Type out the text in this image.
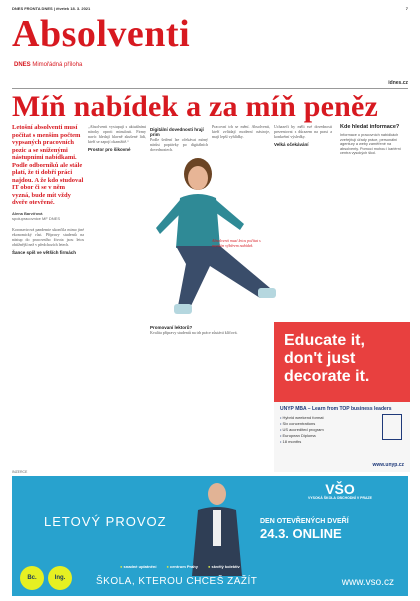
DNES FRONTA DNES | čtvrtek 18. 3. 2021	7
Absolventi
DNES Mimořádná příloha
idnes.cz
Míň nabídek a za míň peněz

Letošní absolventi musí počítat s menším počtem vypsaných pracovních pozic a se sníženými nástupními nabídkami. Podle odborníků ale stále platí, že ti dobří práci najdou. A že kdo studoval IT obor či se v něm vyzná, bude mít vždy dveře otevřené.

Alena Barvířová
spolupracovnice MF DNES

Koronavirová pandemie ukončila mimo jiné ekonomický růst. Přípravy studentů na nástup do pracovního života jsou letos obtížnější než v předchozích letech.

Šance spíš ve větších firmách

„Absolventi vystupují s aktuálními nároky oproti minulosti. Firmy navíc hledají hlavně zkušené lidi, kteří se zapojí okamžitě.“

Prostor pro šikovné
Digitální dovednosti hrají prim

Podle šetření lze očekávat mírný nárůst poptávky po digitálních dovednostech.

Pracovní trh se mění. Absolventi, kteří zvládají moderní nástroje, mají lepší vyhlídky.

Uchazeči by měli své dovednosti prezentovat s důrazem na praxi a konkrétní výsledky.

Velká očekávání

Absolventi musí letos počítat s menším výběrem nabídek.

Kde hledat informace?

Informace o pracovních nabídkách zveřejňují úřady práce, personální agentury a weby zaměřené na absolventy. Pomoci mohou i kariérní centra vysokých škol.

Promovaní lektorů?

Kvalita přípravy studentů na trh práce zůstává klíčová.	Educate it,
don't just
decorate it.
UNYP MBA – Learn from TOP business leaders
• Hybrid weekend format
• Six concentrations
• US accredited program
• European Diploma
• 18 months
www.unyp.cz
INZERCE
VŠO
VYSOKÁ ŠKOLA OBCHODNÍ V PRAZE
LETOVÝ PROVOZ	DEN OTEVŘENÝCH DVEŘÍ
24.3. ONLINE
● snadné uplatnění	● centrum Prahy	● skvělý kolektiv
Bc.	Ing.	ŠKOLA, KTEROU CHCEŠ ZAŽÍT	www.vso.cz
